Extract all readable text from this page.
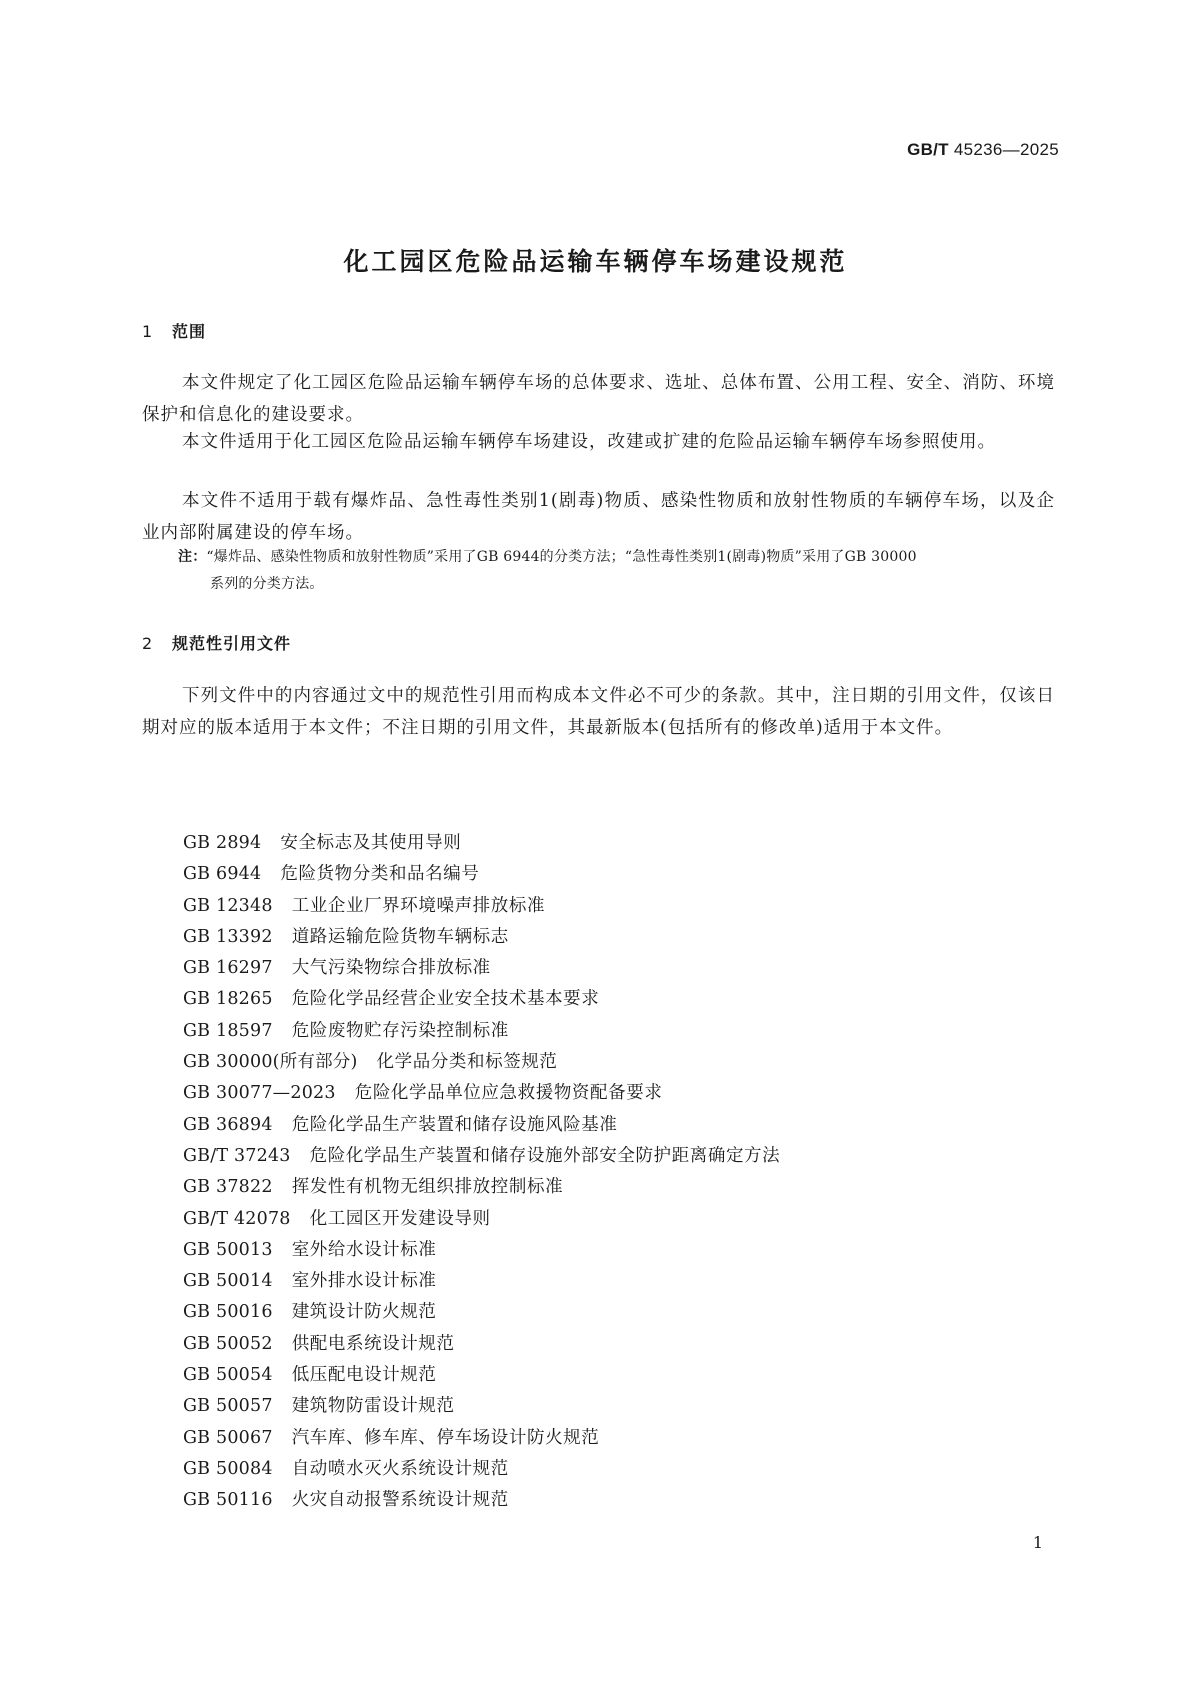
GB/T 45236—2025
化工园区危险品运输车辆停车场建设规范
1 范围

本文件规定了化工园区危险品运输车辆停车场的总体要求、选址、总体布置、公用工程、安全、消防、环境保护和信息化的建设要求。

本文件适用于化工园区危险品运输车辆停车场建设，改建或扩建的危险品运输车辆停车场参照使用。

本文件不适用于载有爆炸品、急性毒性类别1(剧毒)物质、感染性物质和放射性物质的车辆停车场，以及企业内部附属建设的停车场。

注：“爆炸品、感染性物质和放射性物质”采用了GB 6944的分类方法；“急性毒性类别1(剧毒)物质”采用了GB 30000
系列的分类方法。
2 规范性引用文件

下列文件中的内容通过文中的规范性引用而构成本文件必不可少的条款。其中，注日期的引用文件，仅该日期对应的版本适用于本文件；不注日期的引用文件，其最新版本(包括所有的修改单)适用于本文件。

GB 2894 安全标志及其使用导则
GB 6944 危险货物分类和品名编号
GB 12348 工业企业厂界环境噪声排放标准
GB 13392 道路运输危险货物车辆标志
GB 16297 大气污染物综合排放标准
GB 18265 危险化学品经营企业安全技术基本要求
GB 18597 危险废物贮存污染控制标准
GB 30000(所有部分) 化学品分类和标签规范
GB 30077—2023 危险化学品单位应急救援物资配备要求
GB 36894 危险化学品生产装置和储存设施风险基准
GB/T 37243 危险化学品生产装置和储存设施外部安全防护距离确定方法
GB 37822 挥发性有机物无组织排放控制标准
GB/T 42078 化工园区开发建设导则
GB 50013 室外给水设计标准
GB 50014 室外排水设计标准
GB 50016 建筑设计防火规范
GB 50052 供配电系统设计规范
GB 50054 低压配电设计规范
GB 50057 建筑物防雷设计规范
GB 50067 汽车库、修车库、停车场设计防火规范
GB 50084 自动喷水灭火系统设计规范
GB 50116 火灾自动报警系统设计规范
1
